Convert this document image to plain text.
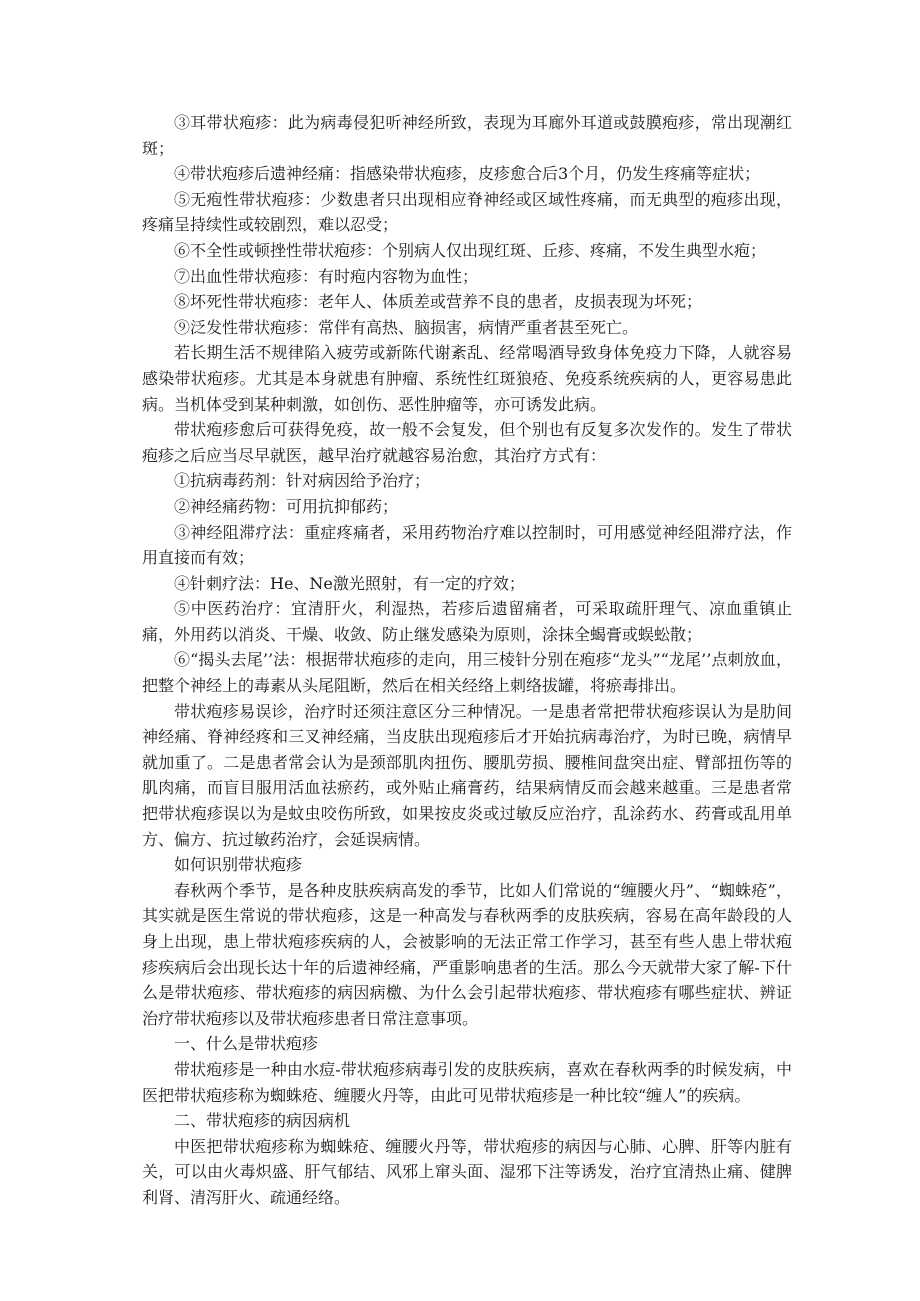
③耳带状疱疹：此为病毒侵犯听神经所致，表现为耳廊外耳道或鼓膜疱疹，常出现潮红斑；

④带状疱疹后遗神经痛：指感染带状疱疹，皮疹愈合后3个月，仍发生疼痛等症状；

⑤无疱性带状疱疹：少数患者只出现相应脊神经或区域性疼痛，而无典型的疱疹出现，疼痛呈持续性或较剧烈，难以忍受；

⑥不全性或顿挫性带状疱疹：个别病人仅出现红斑、丘疹、疼痛，不发生典型水疱；

⑦出血性带状疱疹：有时疱内容物为血性；

⑧坏死性带状疱疹：老年人、体质差或营养不良的患者，皮损表现为坏死；

⑨泛发性带状疱疹：常伴有高热、脑损害，病情严重者甚至死亡。

若长期生活不规律陷入疲劳或新陈代谢紊乱、经常喝酒导致身体免疫力下降，人就容易感染带状疱疹。尤其是本身就患有肿瘤、系统性红斑狼疮、免疫系统疾病的人，更容易患此病。当机体受到某种刺激，如创伤、恶性肿瘤等，亦可诱发此病。

带状疱疹愈后可获得免疫，故一般不会复发，但个别也有反复多次发作的。发生了带状疱疹之后应当尽早就医，越早治疗就越容易治愈，其治疗方式有：

①抗病毒药剂：针对病因给予治疗；

②神经痛药物：可用抗抑郁药；

③神经阻滞疗法：重症疼痛者，采用药物治疗难以控制时，可用感觉神经阻滞疗法，作用直接而有效；

④针刺疗法：He、Ne激光照射，有一定的疗效；

⑤中医药治疗：宜清肝火，利湿热，若疹后遗留痛者，可采取疏肝理气、凉血重镇止痛，外用药以消炎、干燥、收敛、防止继发感染为原则，涂抹全蝎膏或蜈蚣散；

⑥“揭头去尾’’法：根据带状疱疹的走向，用三棱针分别在疱疹“龙头”“龙尾’’点刺放血，把整个神经上的毒素从头尾阻断，然后在相关经络上刺络拔罐，将瘀毒排出。

带状疱疹易误诊，治疗时还须注意区分三种情况。一是患者常把带状疱疹误认为是肋间神经痛、脊神经疼和三叉神经痛，当皮肤出现疱疹后才开始抗病毒治疗，为时已晚，病情早就加重了。二是患者常会认为是颈部肌肉扭伤、腰肌劳损、腰椎间盘突出症、臂部扭伤等的肌肉痛，而盲目服用活血祛瘀药，或外贴止痛膏药，结果病情反而会越来越重。三是患者常把带状疱疹误以为是蚊虫咬伤所致，如果按皮炎或过敏反应治疗，乱涂药水、药膏或乱用单方、偏方、抗过敏药治疗，会延误病情。

如何识别带状疱疹

春秋两个季节，是各种皮肤疾病高发的季节，比如人们常说的“缠腰火丹”、“蜘蛛疮”，其实就是医生常说的带状疱疹，这是一种高发与春秋两季的皮肤疾病，容易在高年龄段的人身上出现，患上带状疱疹疾病的人，会被影响的无法正常工作学习，甚至有些人患上带状疱疹疾病后会出现长达十年的后遗神经痛，严重影响患者的生活。那么今天就带大家了解-下什么是带状疱疹、带状疱疹的病因病檄、为什么会引起带状疱疹、带状疱疹有哪些症状、辨证治疗带状疱疹以及带状疱疹患者日常注意事项。

一、什么是带状疱疹

带状疱疹是一种由水痘-带状疱疹病毒引发的皮肤疾病，喜欢在春秋两季的时候发病，中医把带状疱疹称为蜘蛛疮、缠腰火丹等，由此可见带状疱疹是一种比较“缠人”的疾病。

二、带状疱疹的病因病机

中医把带状疱疹称为蜘蛛疮、缠腰火丹等，带状疱疹的病因与心肺、心脾、肝等内脏有关，可以由火毒炽盛、肝气郁结、风邪上窜头面、湿邪下注等诱发，治疗宜清热止痛、健脾利肾、清泻肝火、疏通经络。
